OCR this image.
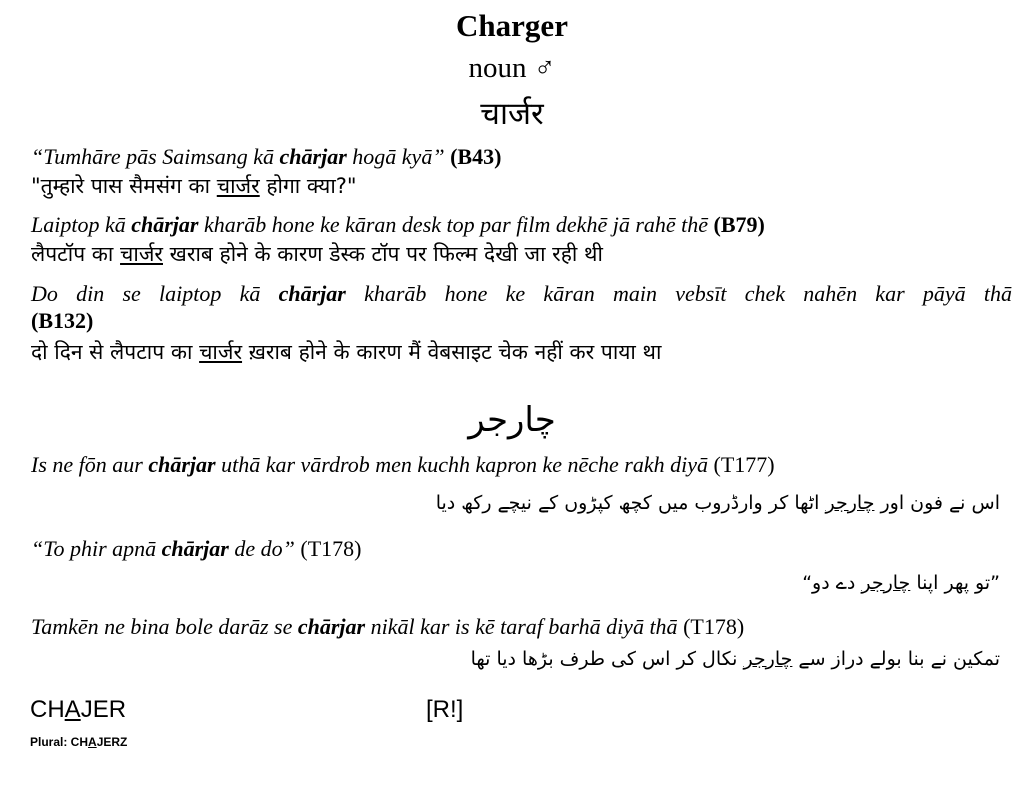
Charger
noun ♂
चार्जर
“Tumhāre pās Saimsang kā chārjar hogā kyā” (B43)
"तुम्हारे पास सैमसंग का चार्जर होगा क्या?"
Laiptop kā chārjar kharāb hone ke kāran desk top par film dekhē jā rahē thē (B79)
लैपटॉप का चार्जर खराब होने के कारण डेस्क टॉप पर फिल्म देखी जा रही थी
Do din se laiptop kā chārjar kharāb hone ke kāran main vebsīt chek nahēn kar pāyā thā
(B132)
दो दिन से लैपटाप का चार्जर ख़राब होने के कारण मैं वेबसाइट चेक नहीं कर पाया था
چارجر
Is ne fōn aur chārjar uthā kar vārdrob men kuchh kapron ke nēche rakh diyā (T177)
اس نے فون اور چارجر اٹھا کر وارڈروب میں کچھ کپڑوں کے نیچے رکھ دیا
“To phir apnā chārjar de do” (T178)
”تو پھر اپنا چارجر دے دو“
Tamkēn ne bina bole darāz se chārjar nikāl kar is kē taraf barhā diyā thā (T178)
تمکین نے بنا بولے دراز سے چارجر نکال کر اس کی طرف بڑھا دیا تھا
CHAJER	[R!]
Plural: CHAJERZ
